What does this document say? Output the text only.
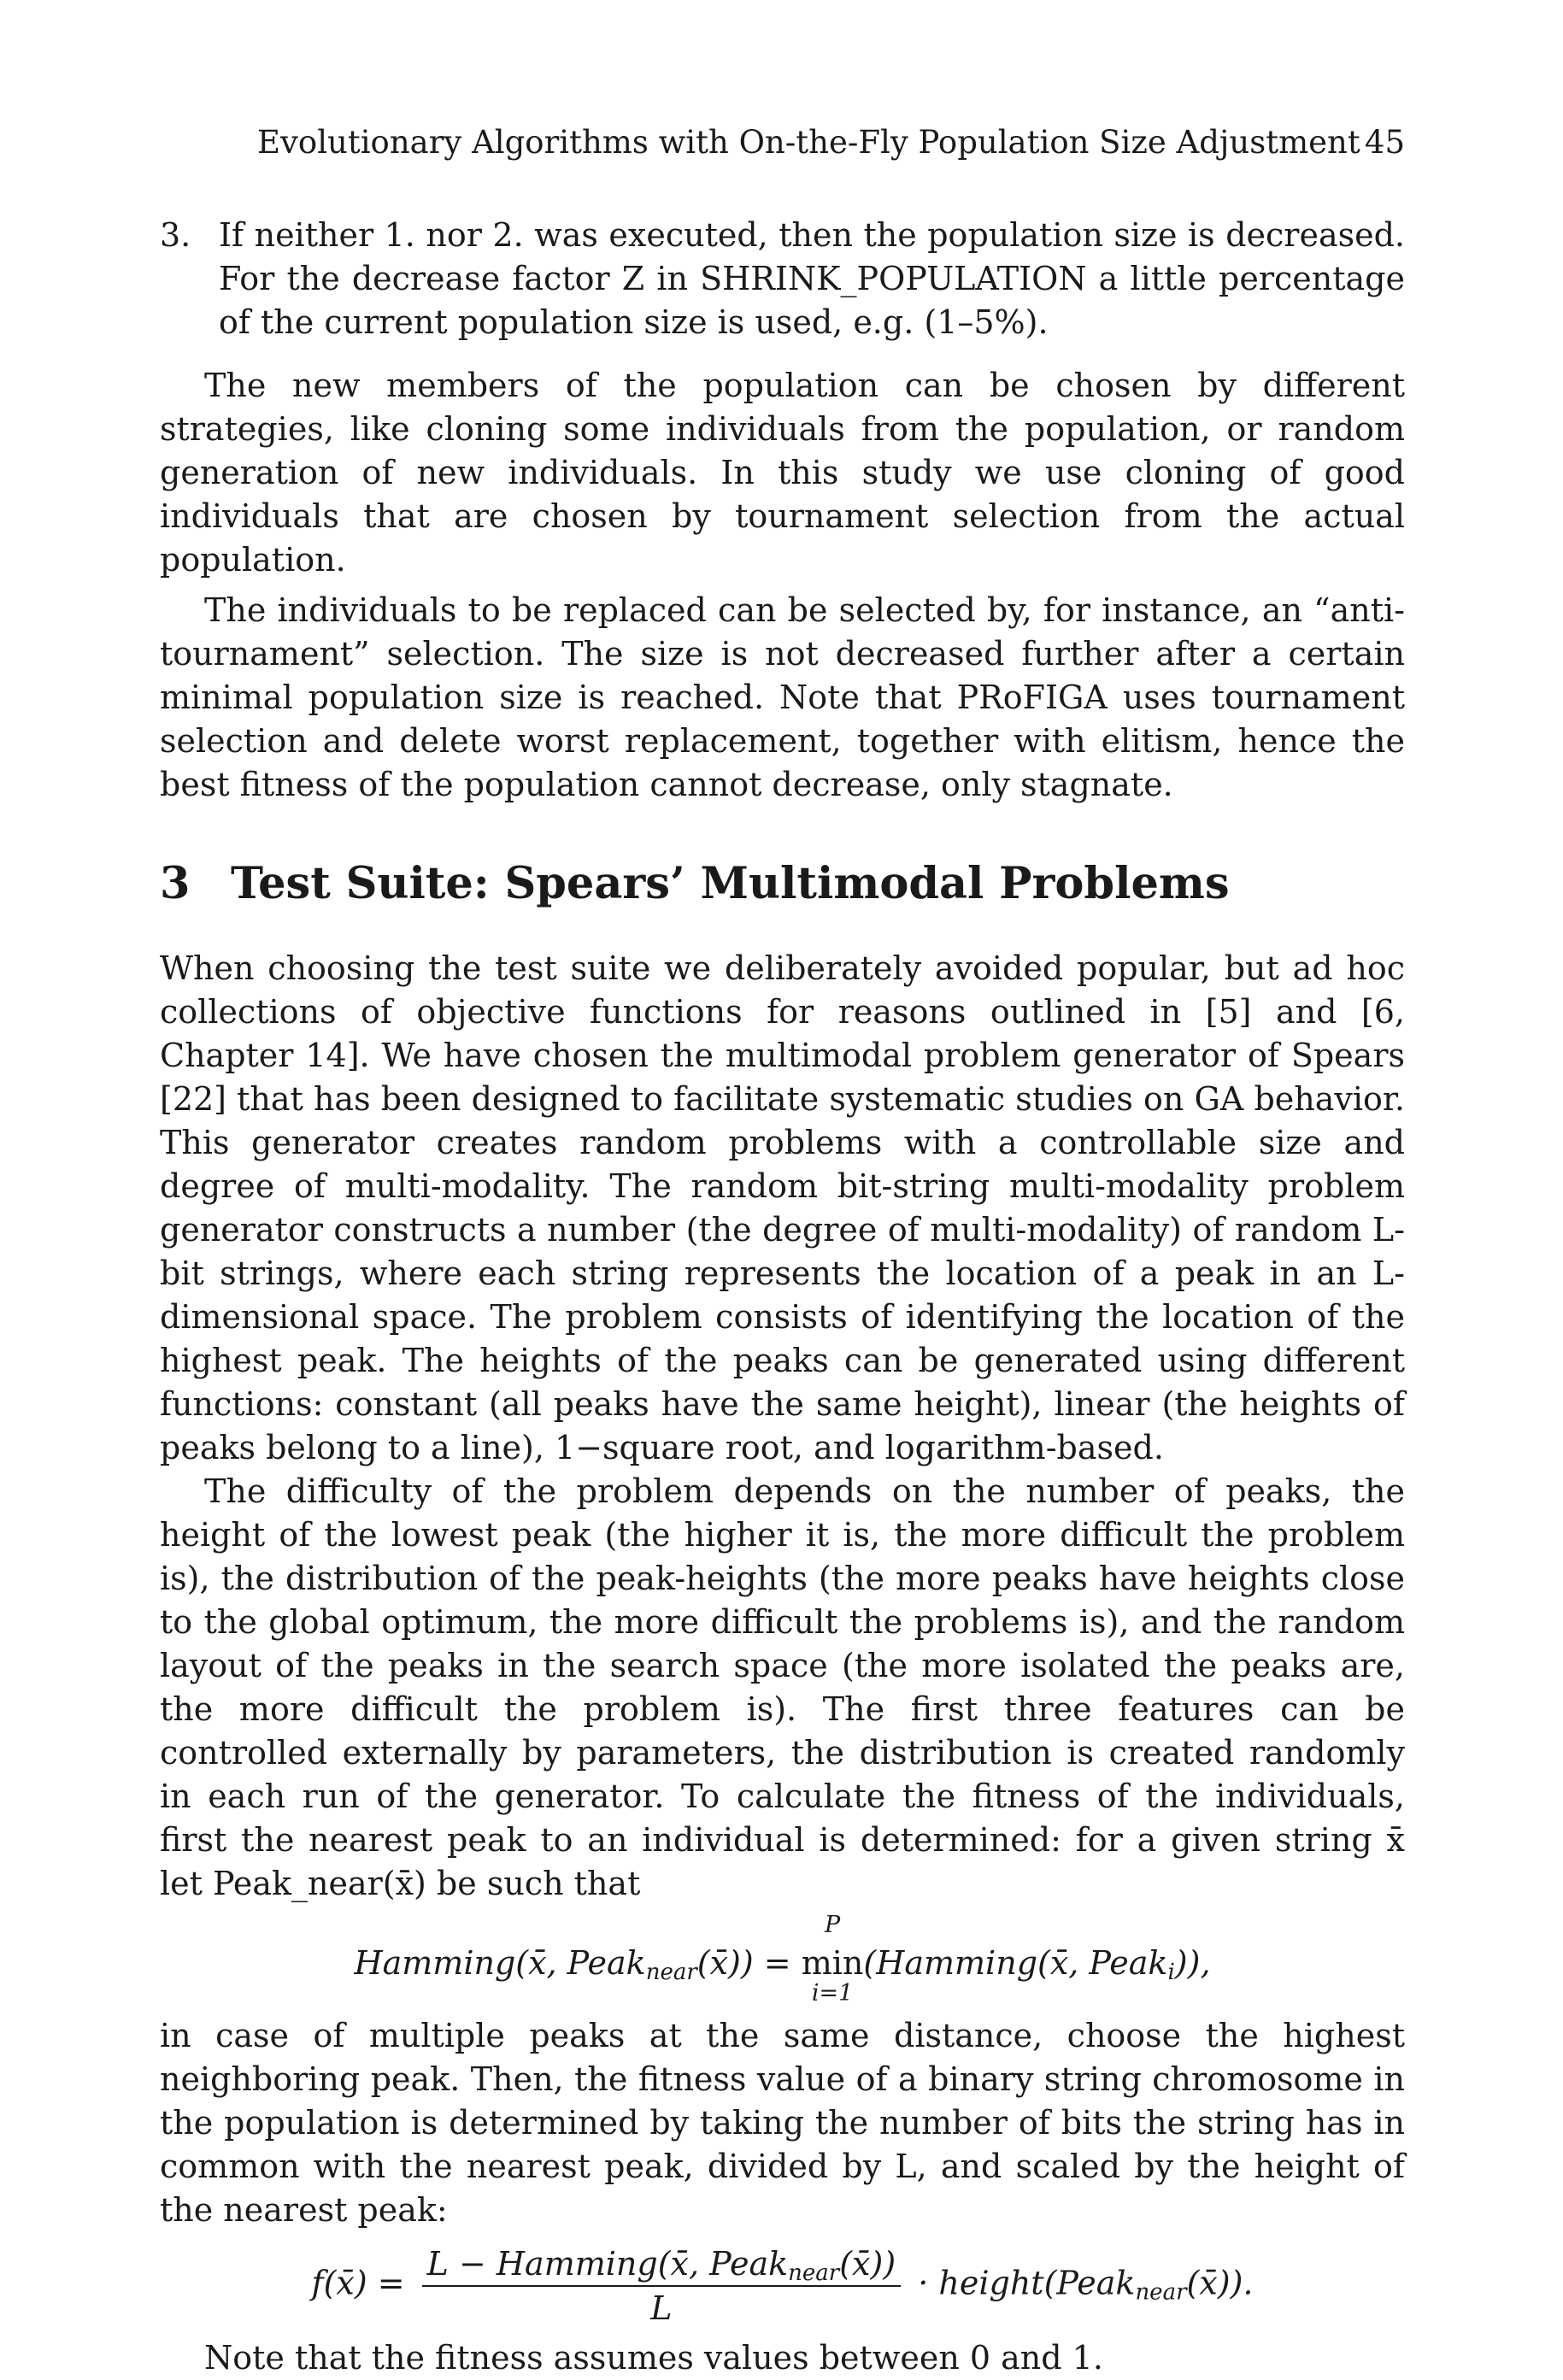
Evolutionary Algorithms with On-the-Fly Population Size Adjustment 45

3. If neither 1. nor 2. was executed, then the population size is decreased. For the decrease factor Z in SHRINK_POPULATION a little percentage of the current population size is used, e.g. (1–5%).

The new members of the population can be chosen by different strategies, like cloning some individuals from the population, or random generation of new individuals. In this study we use cloning of good individuals that are chosen by tournament selection from the actual population.

The individuals to be replaced can be selected by, for instance, an “anti-tournament” selection. The size is not decreased further after a certain minimal population size is reached. Note that PRoFIGA uses tournament selection and delete worst replacement, together with elitism, hence the best fitness of the population cannot decrease, only stagnate.

3 Test Suite: Spears’ Multimodal Problems

When choosing the test suite we deliberately avoided popular, but ad hoc collections of objective functions for reasons outlined in [5] and [6, Chapter 14]. We have chosen the multimodal problem generator of Spears [22] that has been designed to facilitate systematic studies on GA behavior. This generator creates random problems with a controllable size and degree of multi-modality. The random bit-string multi-modality problem generator constructs a number (the degree of multi-modality) of random L-bit strings, where each string represents the location of a peak in an L-dimensional space. The problem consists of identifying the location of the highest peak. The heights of the peaks can be generated using different functions: constant (all peaks have the same height), linear (the heights of peaks belong to a line), 1−square root, and logarithm-based.

The difficulty of the problem depends on the number of peaks, the height of the lowest peak (the higher it is, the more difficult the problem is), the distribution of the peak-heights (the more peaks have heights close to the global optimum, the more difficult the problems is), and the random layout of the peaks in the search space (the more isolated the peaks are, the more difficult the problem is). The first three features can be controlled externally by parameters, the distribution is created randomly in each run of the generator. To calculate the fitness of the individuals, first the nearest peak to an individual is determined: for a given string x̄ let Peak_near(x̄) be such that

Hamming(x̄, Peak$_{near}$(x̄)) =
P
min
i=1
(Hamming(x̄, Peak$_i$)),

in case of multiple peaks at the same distance, choose the highest neighboring peak. Then, the fitness value of a binary string chromosome in the population is determined by taking the number of bits the string has in common with the nearest peak, divided by L, and scaled by the height of the nearest peak:

f(x̄) = $\frac{L - Hamming(x̄, Peak_{near}(x̄))}{L}$ · height(Peak$_{near}$(x̄)).

Note that the fitness assumes values between 0 and 1.
